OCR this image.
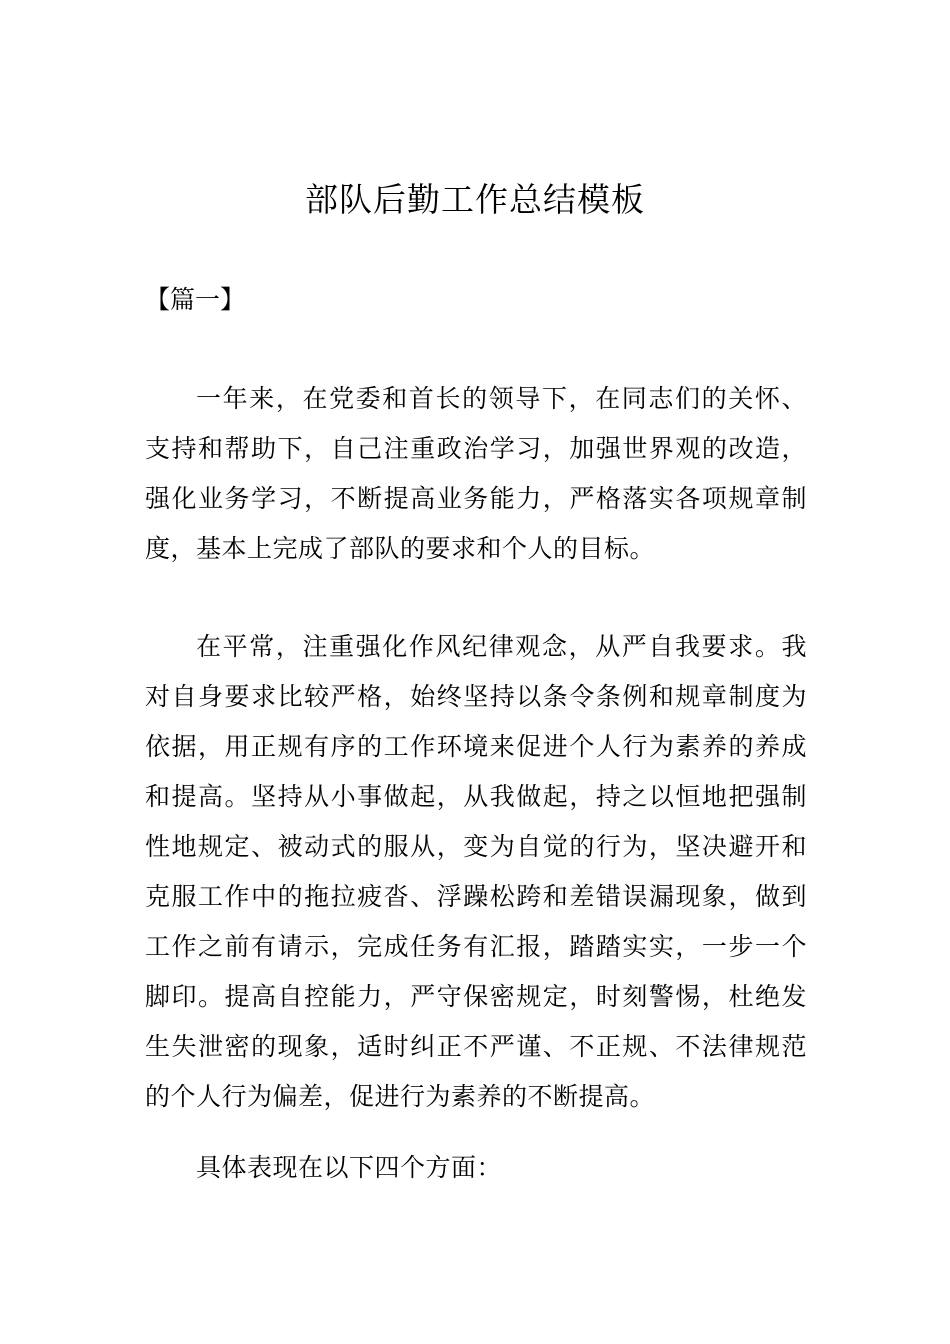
部队后勤工作总结模板

【篇一】

一年来，在党委和首长的领导下，在同志们的关怀、支持和帮助下，自己注重政治学习，加强世界观的改造，强化业务学习，不断提高业务能力，严格落实各项规章制度，基本上完成了部队的要求和个人的目标。

在平常，注重强化作风纪律观念，从严自我要求。我对自身要求比较严格，始终坚持以条令条例和规章制度为依据，用正规有序的工作环境来促进个人行为素养的养成和提高。坚持从小事做起，从我做起，持之以恒地把强制性地规定、被动式的服从，变为自觉的行为，坚决避开和克服工作中的拖拉疲沓、浮躁松跨和差错误漏现象，做到工作之前有请示，完成任务有汇报，踏踏实实，一步一个脚印。提高自控能力，严守保密规定，时刻警惕，杜绝发生失泄密的现象，适时纠正不严谨、不正规、不法律规范的个人行为偏差，促进行为素养的不断提高。

具体表现在以下四个方面：
